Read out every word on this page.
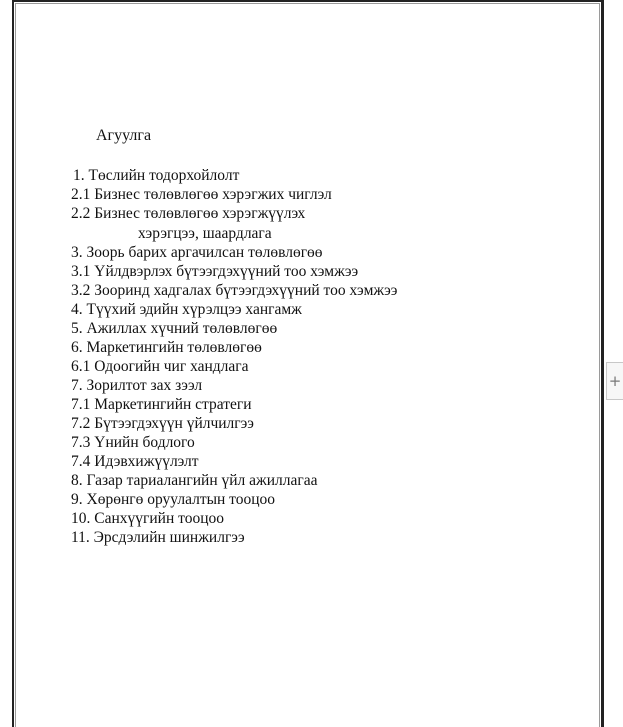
Агуулга
1. Төслийн тодорхойлолт
2.1 Бизнес төлөвлөгөө хэрэгжих чиглэл
2.2 Бизнес төлөвлөгөө хэрэгжүүлэх
хэрэгцээ, шаардлага
3. Зоорь барих аргачилсан төлөвлөгөө
3.1 Үйлдвэрлэх бүтээгдэхүүний тоо хэмжээ
3.2 Зооринд хадгалах бүтээгдэхүүний тоо хэмжээ
4. Түүхий эдийн хүрэлцээ хангамж
5. Ажиллах хүчний төлөвлөгөө
6. Маркетингийн төлөвлөгөө
6.1 Одоогийн чиг хандлага
7. Зорилтот зах зээл
7.1 Маркетингийн стратеги
7.2 Бүтээгдэхүүн үйлчилгээ
7.3 Үнийн бодлого
7.4 Идэвхижүүлэлт
8. Газар тариалангийн үйл ажиллагаа
9. Хөрөнгө оруулалтын тооцоо
10. Санхүүгийн тооцоо
11. Эрсдэлийн шинжилгээ
+
